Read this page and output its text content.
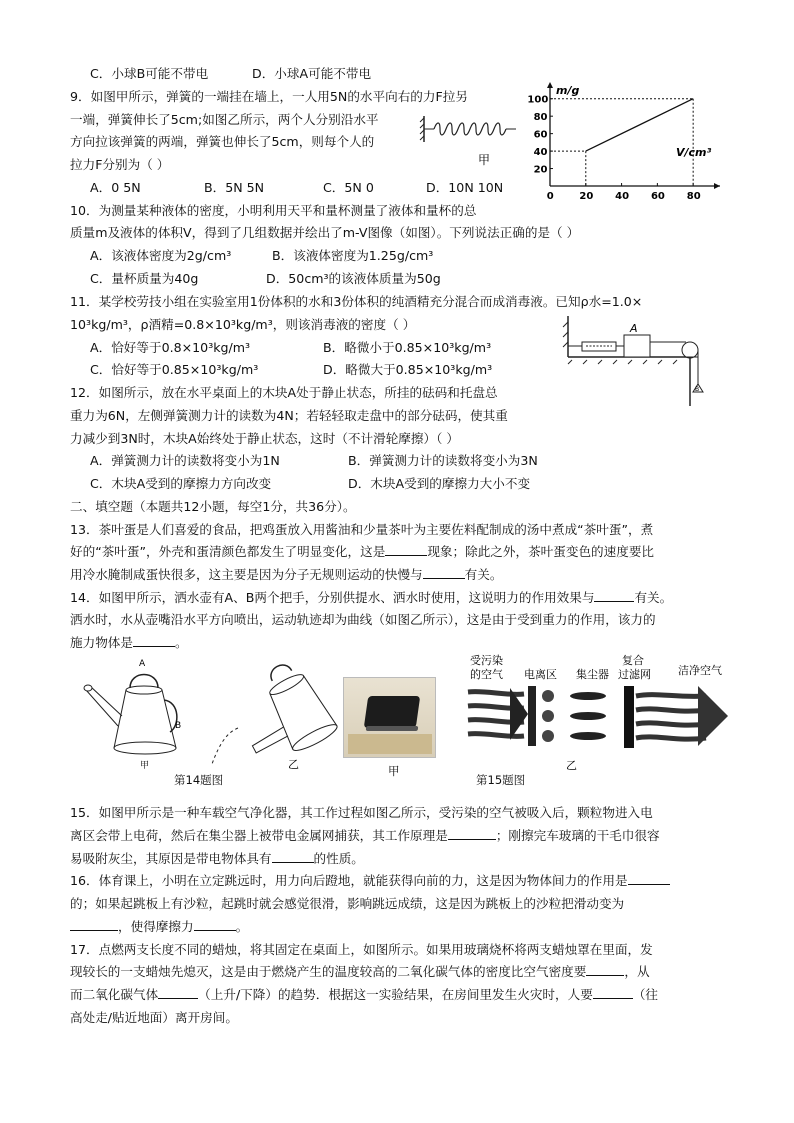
C．小球B可能不带电	D．小球A可能不带电
9．如图甲所示，弹簧的一端挂在墙上，一人用5N的水平向右的力F拉另
一端，弹簧伸长了5cm;如图乙所示，两个人分别沿水平
方向拉该弹簧的两端，弹簧也伸长了5cm，则每个人的
拉力F分别为（ ）
A．0 5N	B．5N 5N	C．5N 0	D．10N 10N
甲
0	20 40 60 80
20
40
60
80
100
m/g
V/cm³
10．为测量某种液体的密度，小明利用天平和量杯测量了液体和量杯的总
质量m及液体的体积V，得到了几组数据并绘出了m-V图像（如图）。下列说法正确的是（ ）
A．该液体密度为2g/cm³	B．该液体密度为1.25g/cm³
C．量杯质量为40g	D．50cm³的该液体质量为50g
11．某学校劳技小组在实验室用1份体积的水和3份体积的纯酒精充分混合而成消毒液。已知ρ水=1.0×
10³kg/m³，ρ酒精=0.8×10³kg/m³，则该消毒液的密度（ ）
A．恰好等于0.8×10³kg/m³	B．略微小于0.85×10³kg/m³
C．恰好等于0.85×10³kg/m³	D．略微大于0.85×10³kg/m³
A
B
12．如图所示，放在水平桌面上的木块A处于静止状态，所挂的砝码和托盘总
重力为6N，左侧弹簧测力计的读数为4N；若轻轻取走盘中的部分砝码，使其重
力减少到3N时，木块A始终处于静止状态，这时（不计滑轮摩擦）（ ）
A．弹簧测力计的读数将变小为1N	B．弹簧测力计的读数将变小为3N
C．木块A受到的摩擦力方向改变	D．木块A受到的摩擦力大小不变
二、填空题（本题共12小题，每空1分，共36分）。
13．茶叶蛋是人们喜爱的食品，把鸡蛋放入用酱油和少量茶叶为主要佐料配制成的汤中煮成“茶叶蛋”，煮
好的“茶叶蛋”，外壳和蛋清颜色都发生了明显变化，这是	现象；除此之外，茶叶蛋变色的速度要比
用冷水腌制咸蛋快很多，这主要是因为分子无规则运动的快慢与	有关。
14．如图甲所示，洒水壶有A、B两个把手，分别供提水、洒水时使用，这说明力的作用效果与	有关。
洒水时，水从壶嘴沿水平方向喷出，运动轨迹却为曲线（如图乙所示），这是由于受到重力的作用，该力的
施力物体是	。
A
B
甲	乙	甲
受污染
的空气 电离区 集尘器
复合
过滤网 洁净空气
乙
第14题图	第15题图
15．如图甲所示是一种车载空气净化器，其工作过程如图乙所示，受污染的空气被吸入后，颗粒物进入电
离区会带上电荷，然后在集尘器上被带电金属网捕获，其工作原理是	；刚擦完车玻璃的干毛巾很容
易吸附灰尘，其原因是带电物体具有	的性质。
16．体育课上，小明在立定跳远时，用力向后蹬地，就能获得向前的力，这是因为物体间力的作用是
的；如果起跳板上有沙粒，起跳时就会感觉很滑，影响跳远成绩，这是因为跳板上的沙粒把滑动变为
，使得摩擦力	。
17．点燃两支长度不同的蜡烛，将其固定在桌面上，如图所示。如果用玻璃烧杯将两支蜡烛罩在里面，发
现较长的一支蜡烛先熄灭，这是由于燃烧产生的温度较高的二氧化碳气体的密度比空气密度要	，从
而二氧化碳气体	（上升/下降）的趋势．根据这一实验结果，在房间里发生火灾时，人要	（往
高处走/贴近地面）离开房间。
